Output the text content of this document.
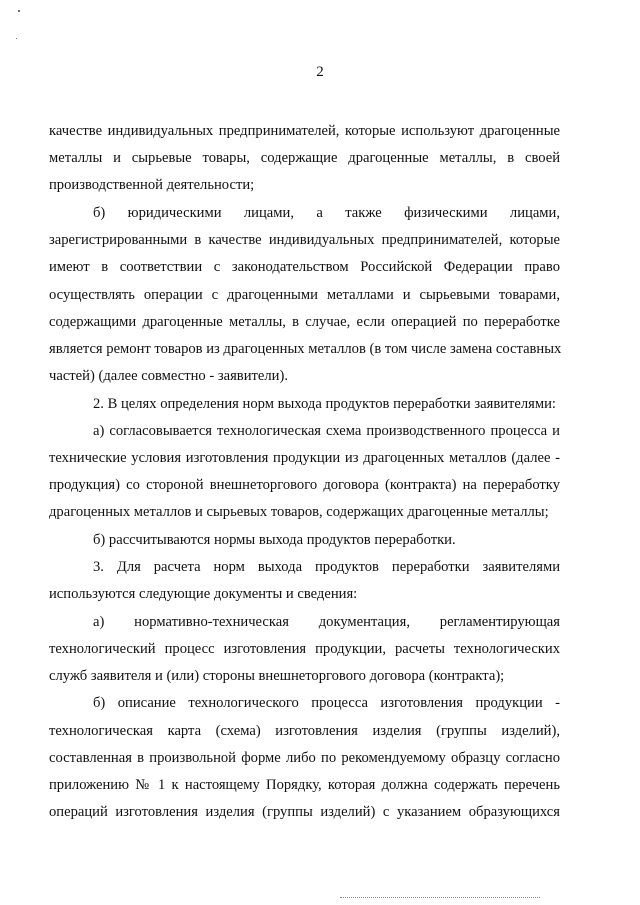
2
качестве индивидуальных предпринимателей, которые используют драгоценные
металлы и сырьевые товары, содержащие драгоценные металлы, в своей
производственной деятельности;
б) юридическими лицами, а также физическими лицами,
зарегистрированными в качестве индивидуальных предпринимателей, которые
имеют в соответствии с законодательством Российской Федерации право
осуществлять операции с драгоценными металлами и сырьевыми товарами,
содержащими драгоценные металлы, в случае, если операцией по переработке
является ремонт товаров из драгоценных металлов (в том числе замена составных
частей) (далее совместно - заявители).
2. В целях определения норм выхода продуктов переработки заявителями:
а) согласовывается технологическая схема производственного процесса и
технические условия изготовления продукции из драгоценных металлов (далее -
продукция) со стороной внешнеторгового договора (контракта) на переработку
драгоценных металлов и сырьевых товаров, содержащих драгоценные металлы;
б) рассчитываются нормы выхода продуктов переработки.
3. Для расчета норм выхода продуктов переработки заявителями
используются следующие документы и сведения:
а) нормативно-техническая документация, регламентирующая
технологический процесс изготовления продукции, расчеты технологических
служб заявителя и (или) стороны внешнеторгового договора (контракта);
б) описание технологического процесса изготовления продукции -
технологическая карта (схема) изготовления изделия (группы изделий),
составленная в произвольной форме либо по рекомендуемому образцу согласно
приложению № 1 к настоящему Порядку, которая должна содержать перечень
операций изготовления изделия (группы изделий) с указанием образующихся
